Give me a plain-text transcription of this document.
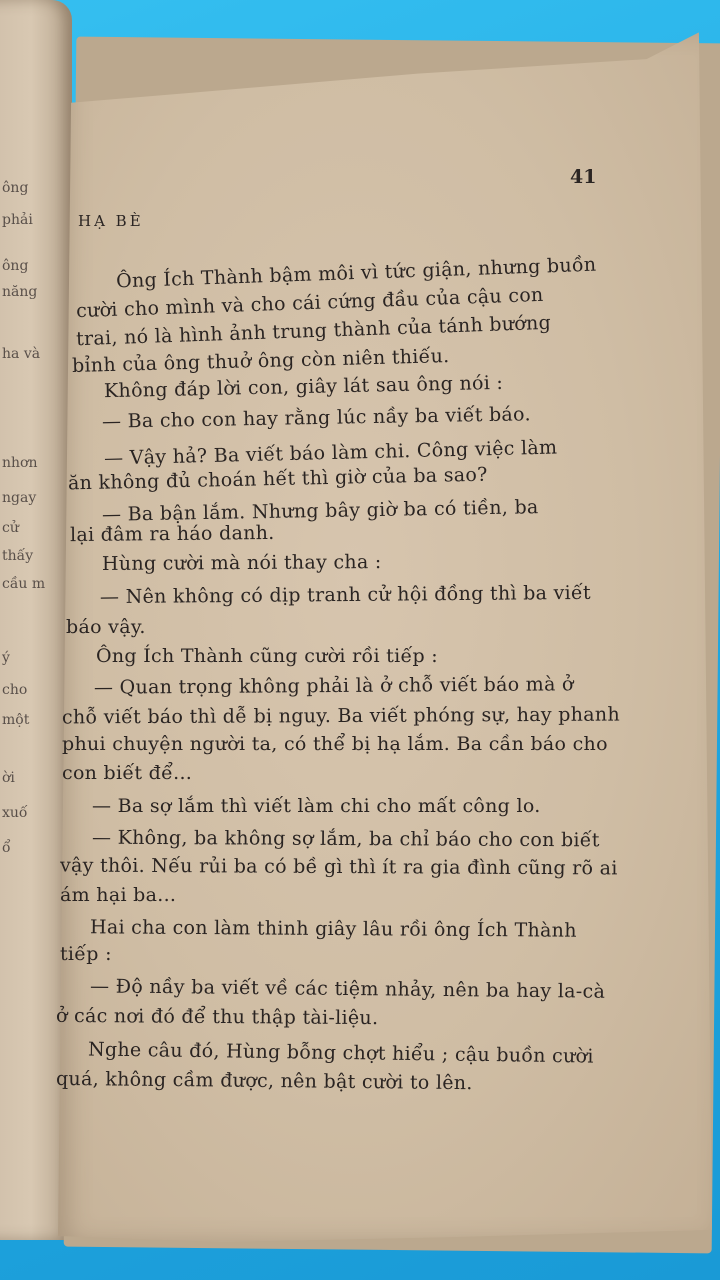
ông
phải
ông
năng
ha và
nhơn
ngay
cử
thấy
cầu m
ý
cho
một
ời
xuố
ổ
41
HẠ BÈ
Ông Ích Thành bậm môi vì tức giận, nhưng buồn
cười cho mình và cho cái cứng đầu của cậu con
trai, nó là hình ảnh trung thành của tánh bướng
bỉnh của ông thuở ông còn niên thiếu.
Không đáp lời con, giây lát sau ông nói :
— Ba cho con hay rằng lúc nầy ba viết báo.
— Vậy hả? Ba viết báo làm chi. Công việc làm
ăn không đủ choán hết thì giờ của ba sao?
— Ba bận lắm. Nhưng bây giờ ba có tiền, ba
lại đâm ra háo danh.
Hùng cười mà nói thay cha :
— Nên không có dịp tranh cử hội đồng thì ba viết
báo vậy.
Ông Ích Thành cũng cười rồi tiếp :
— Quan trọng không phải là ở chỗ viết báo mà ở
chỗ viết báo thì dễ bị nguy. Ba viết phóng sự, hay phanh
phui chuyện người ta, có thể bị hạ lắm. Ba cần báo cho
con biết để...
— Ba sợ lắm thì viết làm chi cho mất công lo.
— Không, ba không sợ lắm, ba chỉ báo cho con biết
vậy thôi. Nếu rủi ba có bề gì thì ít ra gia đình cũng rõ ai
ám hại ba...
Hai cha con làm thinh giây lâu rồi ông Ích Thành
tiếp :
— Độ nầy ba viết về các tiệm nhảy, nên ba hay la-cà
ở các nơi đó để thu thập tài-liệu.
Nghe câu đó, Hùng bỗng chợt hiểu ; cậu buồn cười
quá, không cầm được, nên bật cười to lên.
